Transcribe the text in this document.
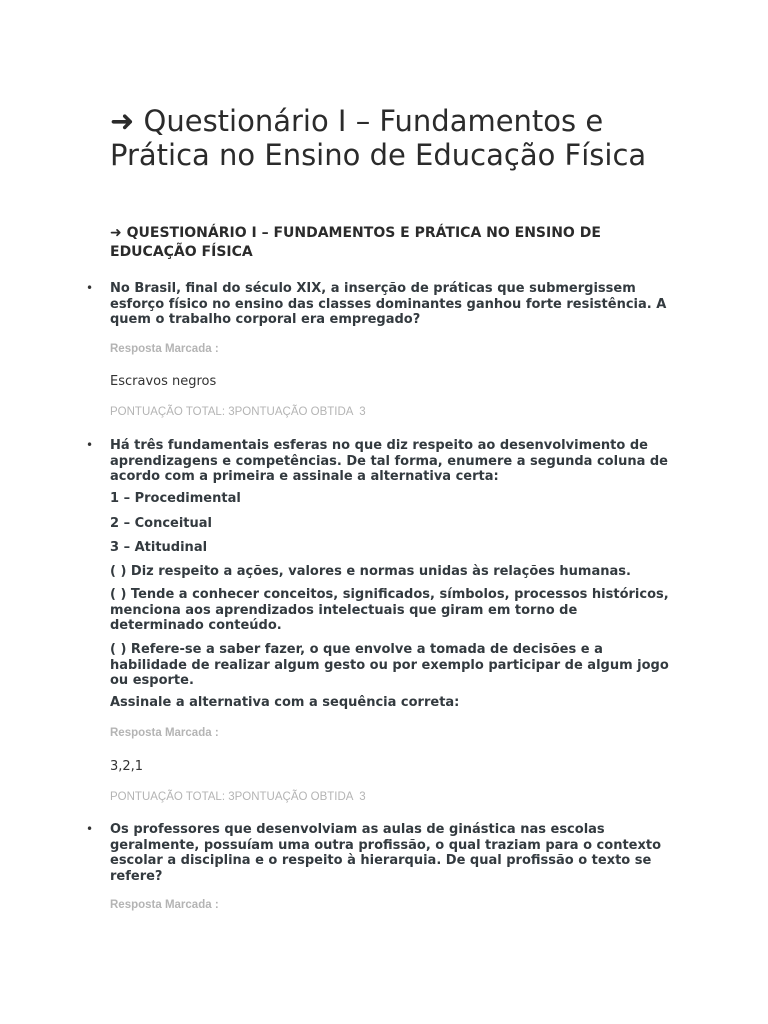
➜ Questionário I – Fundamentos e Prática no Ensino de Educação Física
➜ QUESTIONÁRIO I – FUNDAMENTOS E PRÁTICA NO ENSINO DE EDUCAÇÃO FÍSICA
• No Brasil, final do século XIX, a inserção de práticas que submergissem esforço físico no ensino das classes dominantes ganhou forte resistência. A quem o trabalho corporal era empregado?

Resposta Marcada :

Escravos negros

PONTUAÇÃO TOTAL: 3PONTUAÇÃO OBTIDA  3

• Há três fundamentais esferas no que diz respeito ao desenvolvimento de aprendizagens e competências. De tal forma, enumere a segunda coluna de acordo com a primeira e assinale a alternativa certa:

1 – Procedimental

2 – Conceitual

3 – Atitudinal

( ) Diz respeito a ações, valores e normas unidas às relações humanas.

( ) Tende a conhecer conceitos, significados, símbolos, processos históricos, menciona aos aprendizados intelectuais que giram em torno de determinado conteúdo.

( ) Refere-se a saber fazer, o que envolve a tomada de decisões e a habilidade de realizar algum gesto ou por exemplo participar de algum jogo ou esporte.

Assinale a alternativa com a sequência correta:

Resposta Marcada :

3,2,1

PONTUAÇÃO TOTAL: 3PONTUAÇÃO OBTIDA  3

• Os professores que desenvolviam as aulas de ginástica nas escolas geralmente, possuíam uma outra profissão, o qual traziam para o contexto escolar a disciplina e o respeito à hierarquia. De qual profissão o texto se refere?

Resposta Marcada :
